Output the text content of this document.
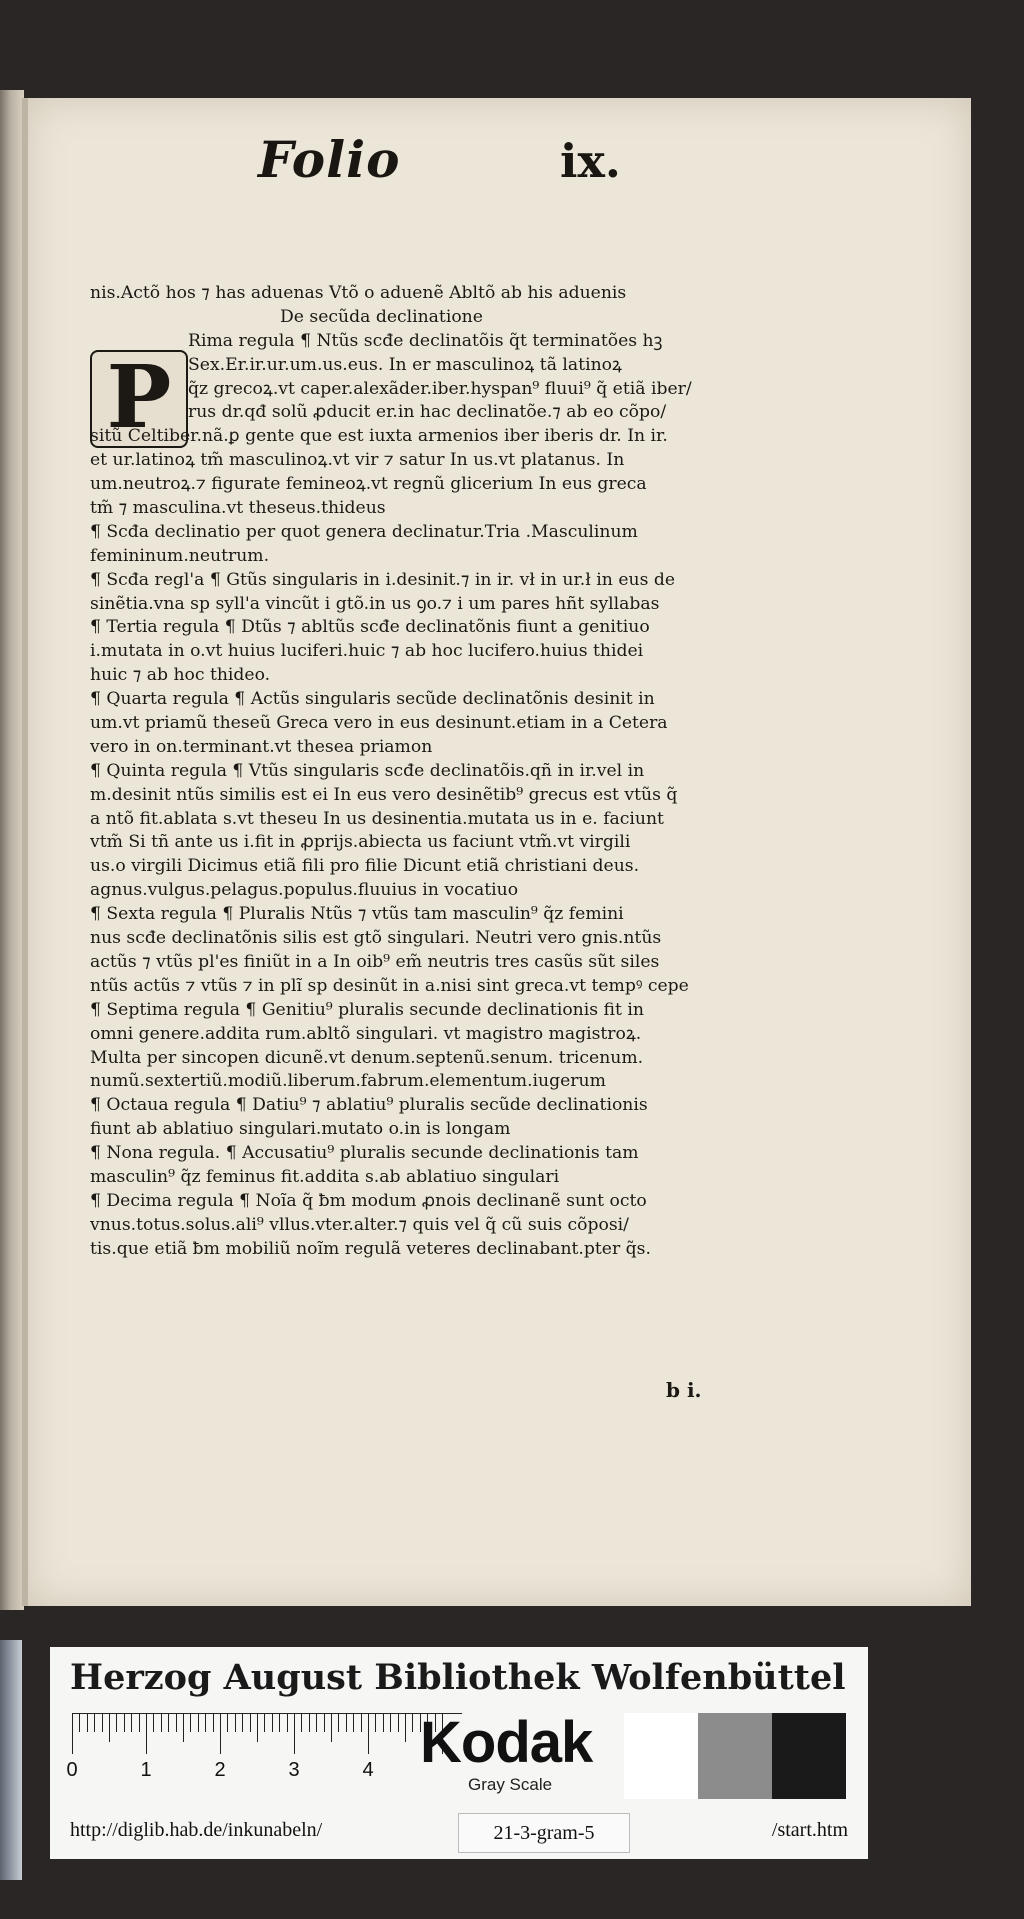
Folio	ix.
P
nis.Actõ hos ⁊ has aduenas Vtõ o aduenẽ Abltõ ab his aduenis
De secũda declinatione
Rima regula ¶ Ntũs scđe declinatõis q̃t terminatões hꝫ
Sex.Er.ir.ur.um.us.eus. In er masculinoꝝ tã latinoꝝ
q̃z grecoꝝ.vt caper.alexãder.iber.hyspan⁹ fluui⁹ q̃ etiã iber/
rus dr.qđ solũ ꝓducit er.in hac declinatõe.⁊ ab eo cõpo/
sitũ Celtiber.nã.ꝑ gente que est iuxta armenios iber iberis dr. In ir.
et ur.latinoꝝ tm̃ masculinoꝝ.vt vir ⁊ satur In us.vt platanus. In
um.neutroꝝ.⁊ figurate femineoꝝ.vt regnũ glicerium In eus greca
tm̃ ⁊ masculina.vt theseus.thideus
¶ Scđa declinatio per quot genera declinatur.Tria .Masculinum
femininum.neutrum.
¶ Scđa regl'a ¶ Gtũs singularis in i.desinit.⁊ in ir. vł in ur.ł in eus de
sinẽtia.vna sp syll'a vincũt i gtõ.in us ꝯo.⁊ i um pares hñt syllabas
¶ Tertia regula ¶ Dtũs ⁊ abltũs scđe declinatõnis fiunt a genitiuo
i.mutata in o.vt huius luciferi.huic ⁊ ab hoc lucifero.huius thidei
huic ⁊ ab hoc thideo.
¶ Quarta regula ¶ Actũs singularis secũde declinatõnis desinit in
um.vt priamũ theseũ Greca vero in eus desinunt.etiam in a Cetera
vero in on.terminant.vt thesea priamon
¶ Quinta regula ¶ Vtũs singularis scđe declinatõis.qñ in ir.vel in
m.desinit ntũs similis est ei In eus vero desinẽtib⁹ grecus est vtũs q̃
a ntõ fit.ablata s.vt theseu In us desinentia.mutata us in e. faciunt
vtm̃ Si tñ ante us i.fit in ꝓprijs.abiecta us faciunt vtm̃.vt virgili
us.o virgili Dicimus etiã fili pro filie Dicunt etiã christiani deus.
agnus.vulgus.pelagus.populus.fluuius in vocatiuo
¶ Sexta regula ¶ Pluralis Ntũs ⁊ vtũs tam masculin⁹ q̃z femini
nus scđe declinatõnis silis est gtõ singulari. Neutri vero gnis.ntũs
actũs ⁊ vtũs pl'es finiũt in a In oib⁹ em̃ neutris tres casũs sũt siles
ntũs actũs ⁊ vtũs ⁊ in plĩ sp desinũt in a.nisi sint greca.vt tempꝰ cepe
¶ Septima regula ¶ Genitiu⁹ pluralis secunde declinationis fit in
omni genere.addita rum.abltõ singulari. vt magistro magistroꝝ.
Multa per sincopen dicunẽ.vt denum.septenũ.senum. tricenum.
numũ.sextertiũ.modiũ.liberum.fabrum.elementum.iugerum
¶ Octaua regula ¶ Datiu⁹ ⁊ ablatiu⁹ pluralis secũde declinationis
fiunt ab ablatiuo singulari.mutato o.in is longam
¶ Nona regula. ¶ Accusatiu⁹ pluralis secunde declinationis tam
masculin⁹ q̃z feminus fit.addita s.ab ablatiuo singulari
¶ Decima regula ¶ Noĩa q̃ ƀm modum ꝓnois declinanẽ sunt octo
vnus.totus.solus.ali⁹ vllus.vter.alter.⁊ quis vel q̃ cũ suis cõposi/
tis.que etiã ƀm mobiliũ noĩm regulã veteres declinabant.pter q̃s.
b i.
Herzog August Bibliothek Wolfenbüttel
0	1	2	3	4 Kodak
Gray Scale
http://diglib.hab.de/inkunabeln/	21-3-gram-5	/start.htm
